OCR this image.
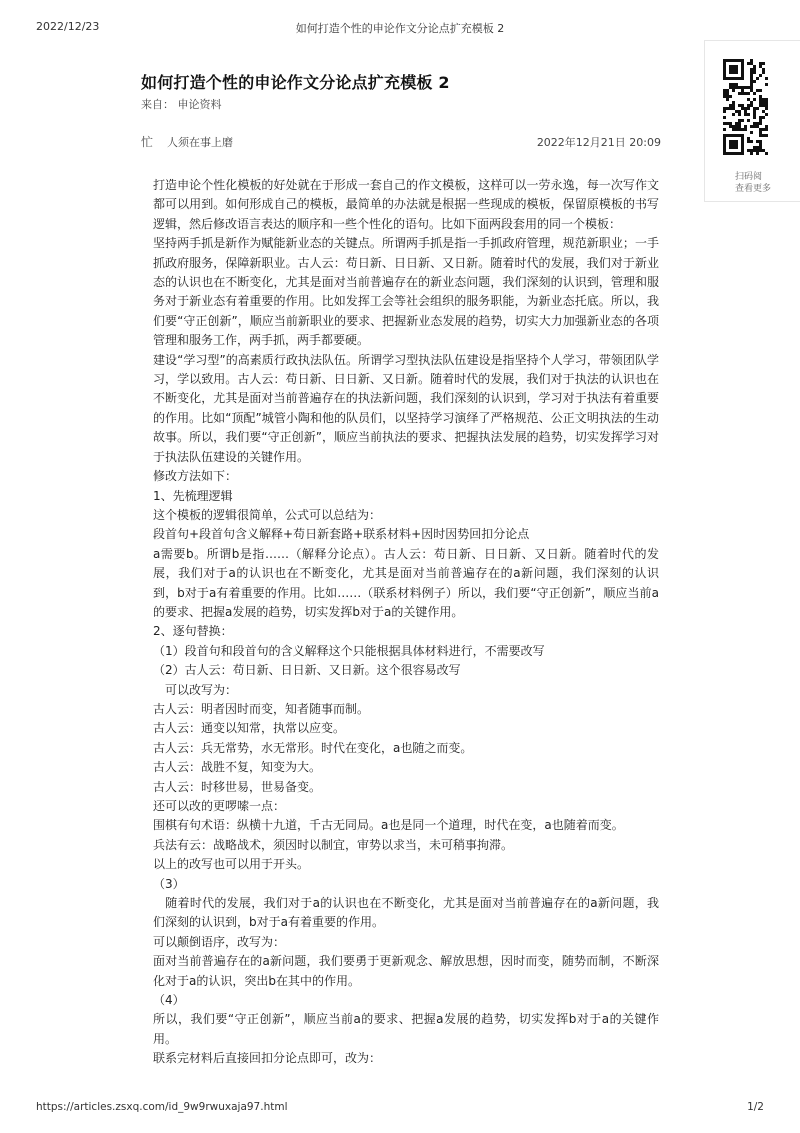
2022/12/23	如何打造个性的申论作文分论点扩充模板 2
扫码阅
查看更多
如何打造个性的申论作文分论点扩充模板 2
来自： 申论资料
忙 人须在事上磨	2022年12月21日 20:09

打造申论个性化模板的好处就在于形成一套自己的作文模板，这样可以一劳永逸，每一次写作文都可以用到。如何形成自己的模板，最简单的办法就是根据一些现成的模板，保留原模板的书写逻辑，然后修改语言表达的顺序和一些个性化的语句。比如下面两段套用的同一个模板：

坚持两手抓是新作为赋能新业态的关键点。所谓两手抓是指一手抓政府管理，规范新职业；一手抓政府服务，保障新职业。古人云：苟日新、日日新、又日新。随着时代的发展，我们对于新业态的认识也在不断变化，尤其是面对当前普遍存在的新业态问题，我们深刻的认识到，管理和服务对于新业态有着重要的作用。比如发挥工会等社会组织的服务职能，为新业态托底。所以，我们要“守正创新”，顺应当前新职业的要求、把握新业态发展的趋势，切实大力加强新业态的各项管理和服务工作，两手抓，两手都要硬。

建设“学习型”的高素质行政执法队伍。所谓学习型执法队伍建设是指坚持个人学习，带领团队学习，学以致用。古人云：苟日新、日日新、又日新。随着时代的发展，我们对于执法的认识也在不断变化，尤其是面对当前普遍存在的执法新问题，我们深刻的认识到，学习对于执法有着重要的作用。比如“顶配”城管小陶和他的队员们，以坚持学习演绎了严格规范、公正文明执法的生动故事。所以，我们要“守正创新”，顺应当前执法的要求、把握执法发展的趋势，切实发挥学习对于执法队伍建设的关键作用。

修改方法如下：

1、先梳理逻辑

这个模板的逻辑很简单，公式可以总结为：

段首句+段首句含义解释+苟日新套路+联系材料+因时因势回扣分论点

a需要b。所谓b是指……（解释分论点）。古人云：苟日新、日日新、又日新。随着时代的发展，我们对于a的认识也在不断变化，尤其是面对当前普遍存在的a新问题，我们深刻的认识到，b对于a有着重要的作用。比如……（联系材料例子）所以，我们要“守正创新”，顺应当前a的要求、把握a发展的趋势，切实发挥b对于a的关键作用。

2、逐句替换：

（1）段首句和段首句的含义解释这个只能根据具体材料进行，不需要改写

（2）古人云：苟日新、日日新、又日新。这个很容易改写

　可以改写为：

古人云：明者因时而变，知者随事而制。

古人云：通变以知常，执常以应变。

古人云：兵无常势，水无常形。时代在变化，a也随之而变。

古人云：战胜不复，知变为大。

古人云：时移世易，世易备变。

还可以改的更啰嗦一点：

围棋有句术语：纵横十九道，千古无同局。a也是同一个道理，时代在变，a也随着而变。

兵法有云：战略战术，须因时以制宜，审势以求当，未可稍事拘滞。

以上的改写也可以用于开头。

（3）

　随着时代的发展，我们对于a的认识也在不断变化，尤其是面对当前普遍存在的a新问题，我们深刻的认识到，b对于a有着重要的作用。

可以颠倒语序，改写为：

面对当前普遍存在的a新问题，我们要勇于更新观念、解放思想，因时而变，随势而制，不断深化对于a的认识，突出b在其中的作用。

（4）

所以，我们要“守正创新”，顺应当前a的要求、把握a发展的趋势，切实发挥b对于a的关键作用。

联系完材料后直接回扣分论点即可，改为：

https://articles.zsxq.com/id_9w9rwuxaja97.html	1/2
